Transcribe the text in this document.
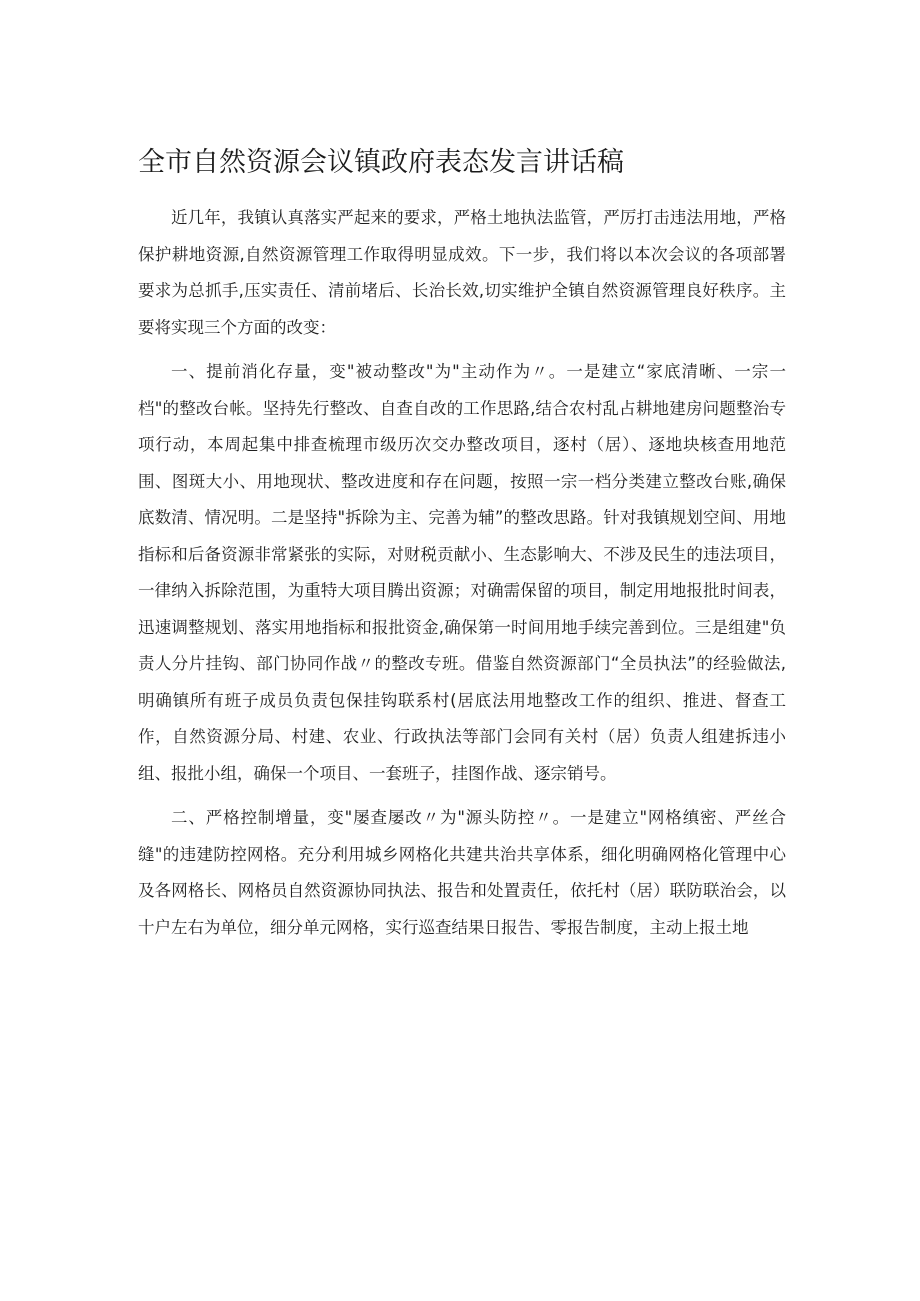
全市自然资源会议镇政府表态发言讲话稿

近几年，我镇认真落实严起来的要求，严格土地执法监管，严厉打击违法用地，严格保护耕地资源,自然资源管理工作取得明显成效。下一步，我们将以本次会议的各项部署要求为总抓手,压实责任、清前堵后、长治长效,切实维护全镇自然资源管理良好秩序。主要将实现三个方面的改变：

一、提前消化存量，变"被动整改"为"主动作为〃。一是建立“家底清晰、一宗一档"的整改台帐。坚持先行整改、自查自改的工作思路,结合农村乱占耕地建房问题整治专项行动，本周起集中排查梳理市级历次交办整改项目，逐村（居）、逐地块核查用地范围、图斑大小、用地现状、整改进度和存在问题，按照一宗一档分类建立整改台账,确保底数清、情况明。二是坚持"拆除为主、完善为辅”的整改思路。针对我镇规划空间、用地指标和后备资源非常紧张的实际，对财税贡献小、生态影响大、不涉及民生的违法项目，一律纳入拆除范围，为重特大项目腾出资源；对确需保留的项目，制定用地报批时间表，迅速调整规划、落实用地指标和报批资金,确保第一时间用地手续完善到位。三是组建"负责人分片挂钩、部门协同作战〃的整改专班。借鉴自然资源部门“全员执法”的经验做法,明确镇所有班子成员负责包保挂钩联系村(居底法用地整改工作的组织、推进、督查工作，自然资源分局、村建、农业、行政执法等部门会同有关村（居）负责人组建拆违小组、报批小组，确保一个项目、一套班子，挂图作战、逐宗销号。

二、严格控制增量，变"屡查屡改〃为"源头防控〃。一是建立"网格缜密、严丝合缝"的违建防控网格。充分利用城乡网格化共建共治共享体系，细化明确网格化管理中心及各网格长、网格员自然资源协同执法、报告和处置责任，依托村（居）联防联治会，以十户左右为单位，细分单元网格，实行巡查结果日报告、零报告制度，主动上报土地
